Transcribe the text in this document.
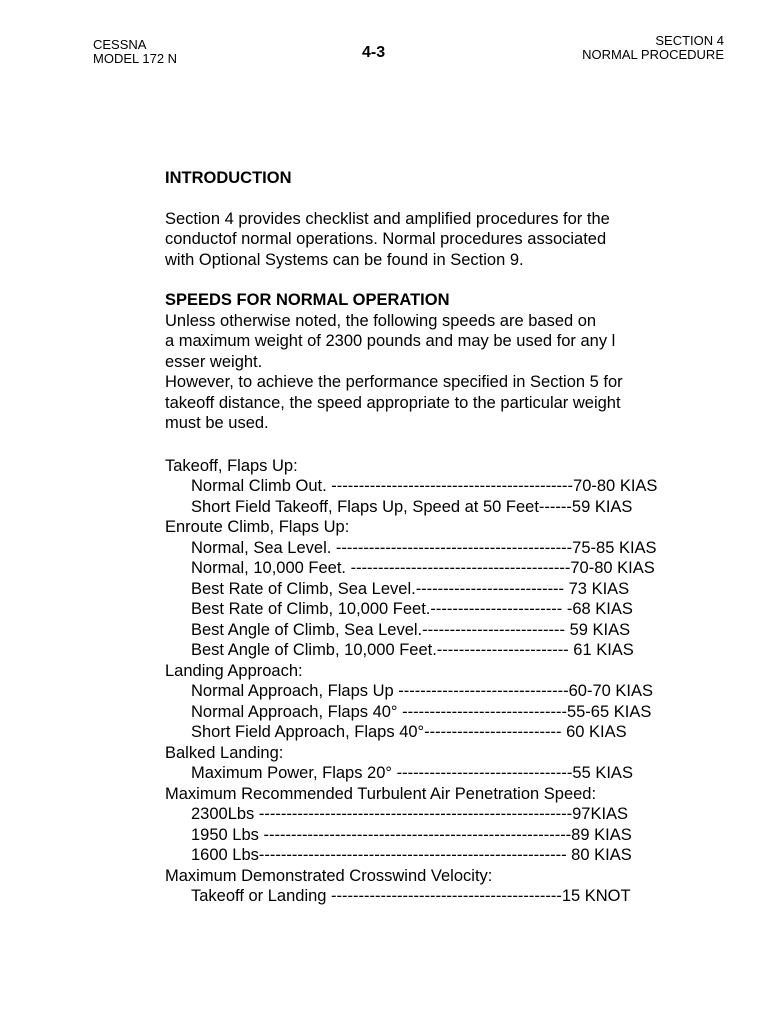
CESSNA
MODEL 172 N	4-3
SECTION 4
NORMAL PROCEDURE

INTRODUCTION

Section 4 provides checklist and amplified procedures for the

conductof normal operations. Normal procedures associated

with Optional Systems can be found in Section 9.

SPEEDS FOR NORMAL OPERATION

Unless otherwise noted, the following speeds are based on

a maximum weight of 2300 pounds and may be used for any l

esser weight.

However, to achieve the performance specified in Section 5 for

takeoff distance, the speed appropriate to the particular weight

must be used.

Takeoff, Flaps Up:

Normal Climb Out. --------------------------------------------70-80 KIAS

Short Field Takeoff, Flaps Up, Speed at 50 Feet------59 KIAS

Enroute Climb, Flaps Up:

Normal, Sea Level. -------------------------------------------75-85 KIAS

Normal, 10,000 Feet. ----------------------------------------70-80 KIAS

Best Rate of Climb, Sea Level.--------------------------- 73 KIAS

Best Rate of Climb, 10,000 Feet.------------------------ -68 KIAS

Best Angle of Climb, Sea Level.-------------------------- 59 KIAS

Best Angle of Climb, 10,000 Feet.------------------------ 61 KIAS

Landing Approach:

Normal Approach, Flaps Up -------------------------------60-70 KIAS

Normal Approach, Flaps 40° ------------------------------55-65 KIAS

Short Field Approach, Flaps 40°------------------------- 60 KIAS

Balked Landing:

Maximum Power, Flaps 20° --------------------------------55 KIAS

Maximum Recommended Turbulent Air Penetration Speed:

2300Lbs ---------------------------------------------------------97KIAS

1950 Lbs --------------------------------------------------------89 KIAS

1600 Lbs-------------------------------------------------------- 80 KIAS

Maximum Demonstrated Crosswind Velocity:

Takeoff or Landing ------------------------------------------15 KNOT
